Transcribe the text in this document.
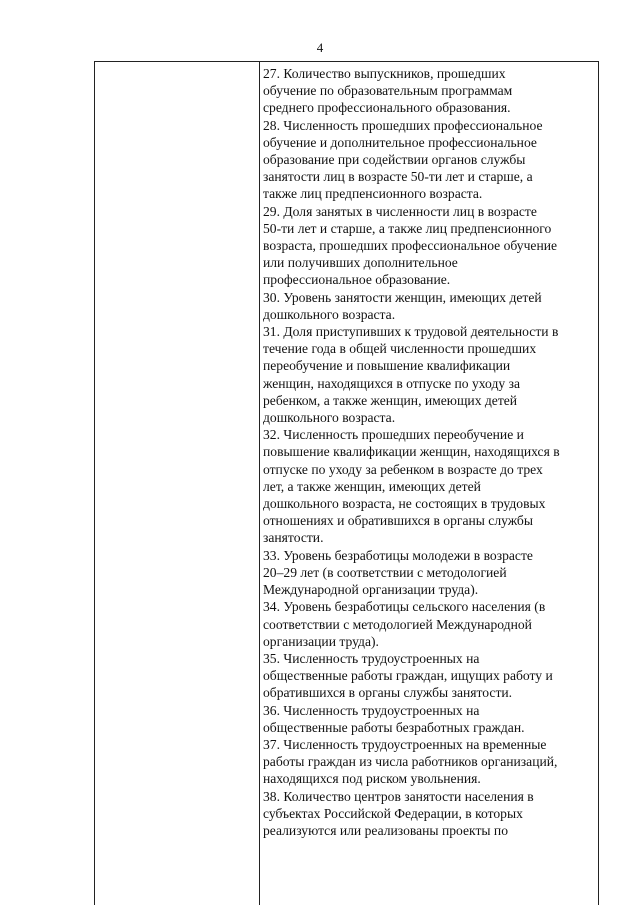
4
27. Количество выпускников, прошедших
обучение по образовательным программам
среднего профессионального образования.
28. Численность прошедших профессиональное
обучение и дополнительное профессиональное
образование при содействии органов службы
занятости лиц в возрасте 50-ти лет и старше, а
также лиц предпенсионного возраста.
29. Доля занятых в численности лиц в возрасте
50-ти лет и старше, а также лиц предпенсионного
возраста, прошедших профессиональное обучение
или получивших дополнительное
профессиональное образование.
30. Уровень занятости женщин, имеющих детей
дошкольного возраста.
31. Доля приступивших к трудовой деятельности в
течение года в общей численности прошедших
переобучение и повышение квалификации
женщин, находящихся в отпуске по уходу за
ребенком, а также женщин, имеющих детей
дошкольного возраста.
32. Численность прошедших переобучение и
повышение квалификации женщин, находящихся в
отпуске по уходу за ребенком в возрасте до трех
лет, а также женщин, имеющих детей
дошкольного возраста, не состоящих в трудовых
отношениях и обратившихся в органы службы
занятости.
33. Уровень безработицы молодежи в возрасте
20–29 лет (в соответствии с методологией
Международной организации труда).
34. Уровень безработицы сельского населения (в
соответствии с методологией Международной
организации труда).
35. Численность трудоустроенных на
общественные работы граждан, ищущих работу и
обратившихся в органы службы занятости.
36. Численность трудоустроенных на
общественные работы безработных граждан.
37. Численность трудоустроенных на временные
работы граждан из числа работников организаций,
находящихся под риском увольнения.
38. Количество центров занятости населения в
субъектах Российской Федерации, в которых
реализуются или реализованы проекты по
